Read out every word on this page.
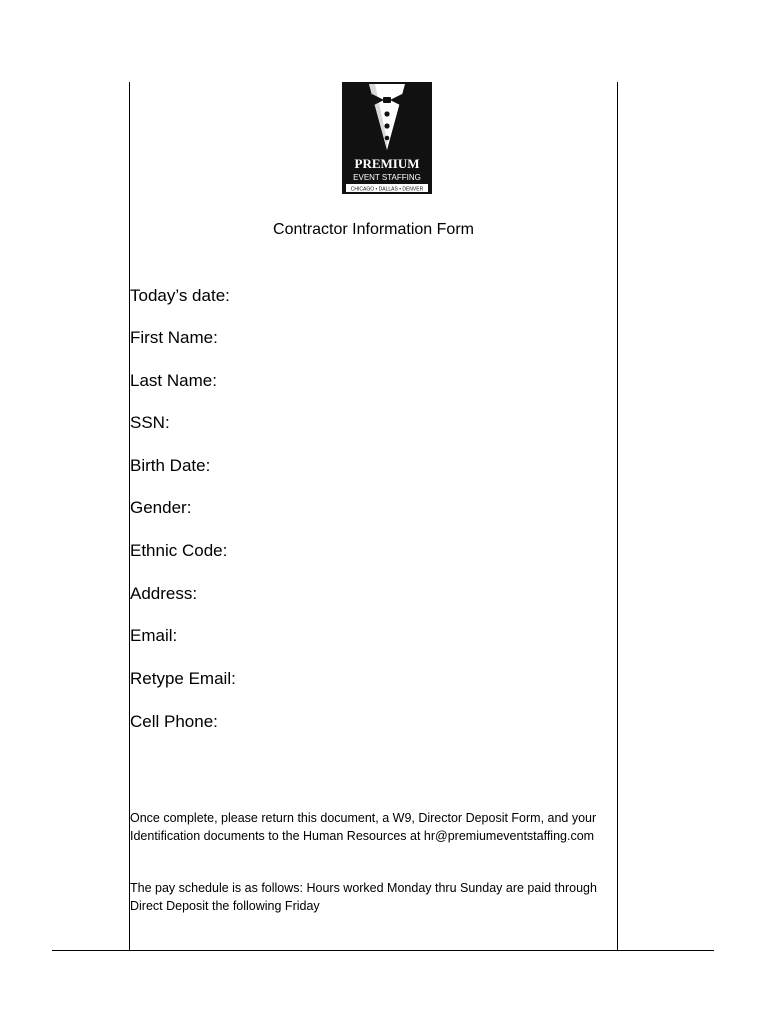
PREMIUM
EVENT STAFFING
CHICAGO • DALLAS • DENVER
Contractor Information Form
Today’s date:
First Name:
Last Name:
SSN:
Birth Date:
Gender:
Ethnic Code:
Address:
Email:
Retype Email:
Cell Phone:
Once complete, please return this document, a W9, Director Deposit Form, and your Identification documents to the Human Resources at hr@premiumeventstaffing.com
The pay schedule is as follows: Hours worked Monday thru Sunday are paid through Direct Deposit the following Friday
